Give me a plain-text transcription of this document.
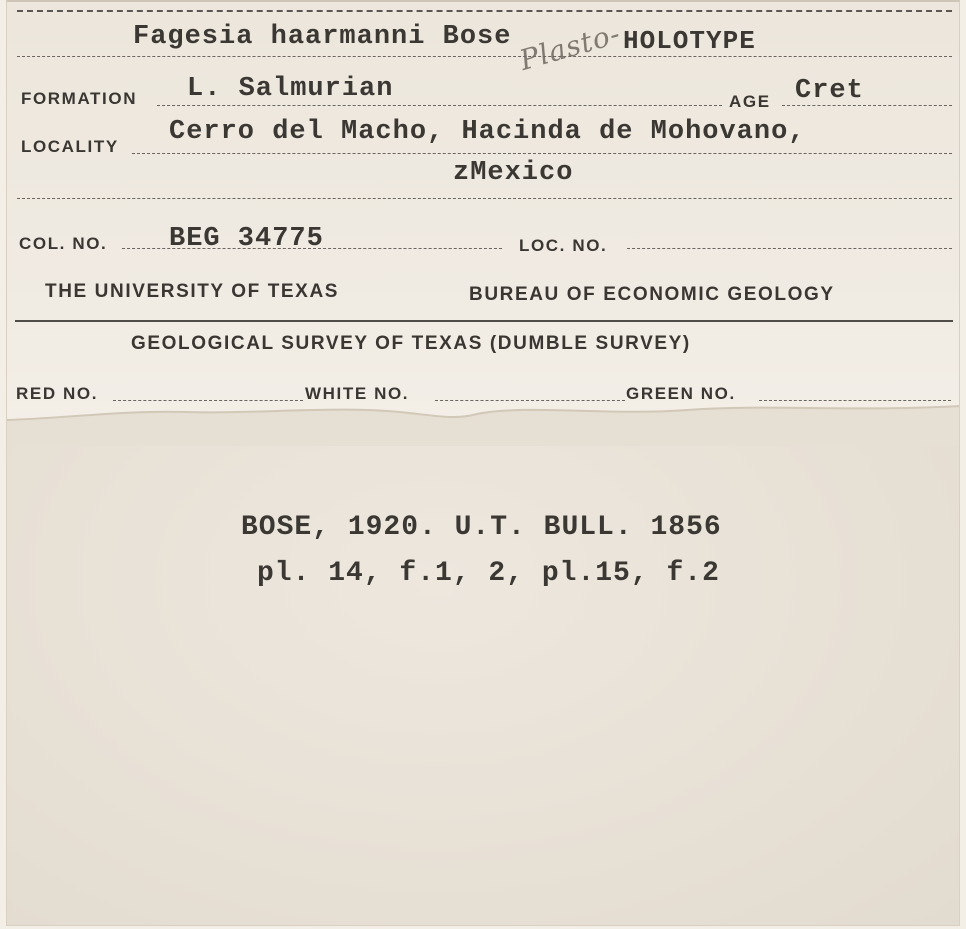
Fagesia haarmanni Bose	HOLOTYPE
Plasto-
FORMATION L. Salmurian	AGE Cret
LOCALITY Cerro del Macho, Hacinda de Mohovano,
zMexico
COL. NO. BEG 34775	LOC. NO.
THE UNIVERSITY OF TEXAS	BUREAU OF ECONOMIC GEOLOGY
GEOLOGICAL SURVEY OF TEXAS (DUMBLE SURVEY)
RED NO.	WHITE NO.	GREEN NO.
BOSE, 1920. U.T. BULL. 1856
pl. 14, f.1, 2, pl.15, f.2
